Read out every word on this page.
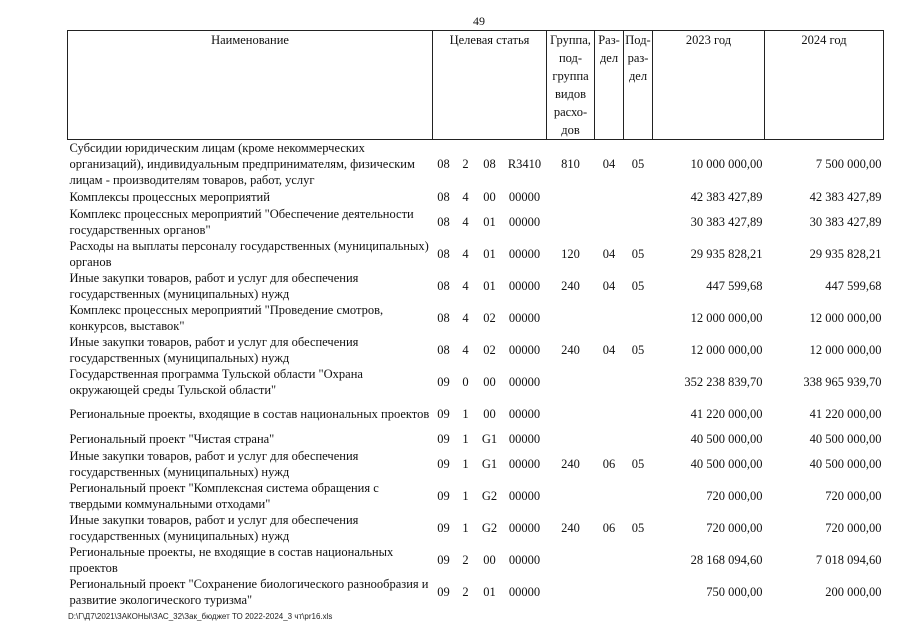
49
Наименование	Целевая статья				Группа, под-группа видов расхо-дов	Раз-дел	Под-раз-дел	2023 год	2024 год
Субсидии юридическим лицам (кроме некоммерческих организаций), индивидуальным предпринимателям, физическим лицам - производителям товаров, работ, услуг	08	2	08	R3410	810	04	05	10 000 000,00	7 500 000,00
Комплексы процессных мероприятий	08	4	00	00000				42 383 427,89	42 383 427,89
Комплекс процессных мероприятий "Обеспечение деятельности государственных органов"	08	4	01	00000				30 383 427,89	30 383 427,89
Расходы на выплаты персоналу государственных (муниципальных) органов	08	4	01	00000	120	04	05	29 935 828,21	29 935 828,21
Иные закупки товаров, работ и услуг для обеспечения государственных (муниципальных) нужд	08	4	01	00000	240	04	05	447 599,68	447 599,68
Комплекс процессных мероприятий "Проведение смотров, конкурсов, выставок"	08	4	02	00000				12 000 000,00	12 000 000,00
Иные закупки товаров, работ и услуг для обеспечения государственных (муниципальных) нужд	08	4	02	00000	240	04	05	12 000 000,00	12 000 000,00
Государственная программа Тульской области "Охрана окружающей среды Тульской области"	09	0	00	00000				352 238 839,70	338 965 939,70
Региональные проекты, входящие в состав национальных проектов	09	1	00	00000				41 220 000,00	41 220 000,00
Региональный проект "Чистая страна"	09	1	G1	00000				40 500 000,00	40 500 000,00
Иные закупки товаров, работ и услуг для обеспечения государственных (муниципальных) нужд	09	1	G1	00000	240	06	05	40 500 000,00	40 500 000,00
Региональный проект "Комплексная система обращения с твердыми коммунальными отходами"	09	1	G2	00000				720 000,00	720 000,00
Иные закупки товаров, работ и услуг для обеспечения государственных (муниципальных) нужд	09	1	G2	00000	240	06	05	720 000,00	720 000,00
Региональные проекты, не входящие в состав национальных проектов	09	2	00	00000				28 168 094,60	7 018 094,60
Региональный проект "Сохранение биологического разнообразия и развитие экологического туризма"	09	2	01	00000				750 000,00	200 000,00
D:\Г\Д7\2021\ЗАКОНЫ\ЗАС_32\Зак_бюджет ТО 2022-2024_3 чт\pr16.xls
